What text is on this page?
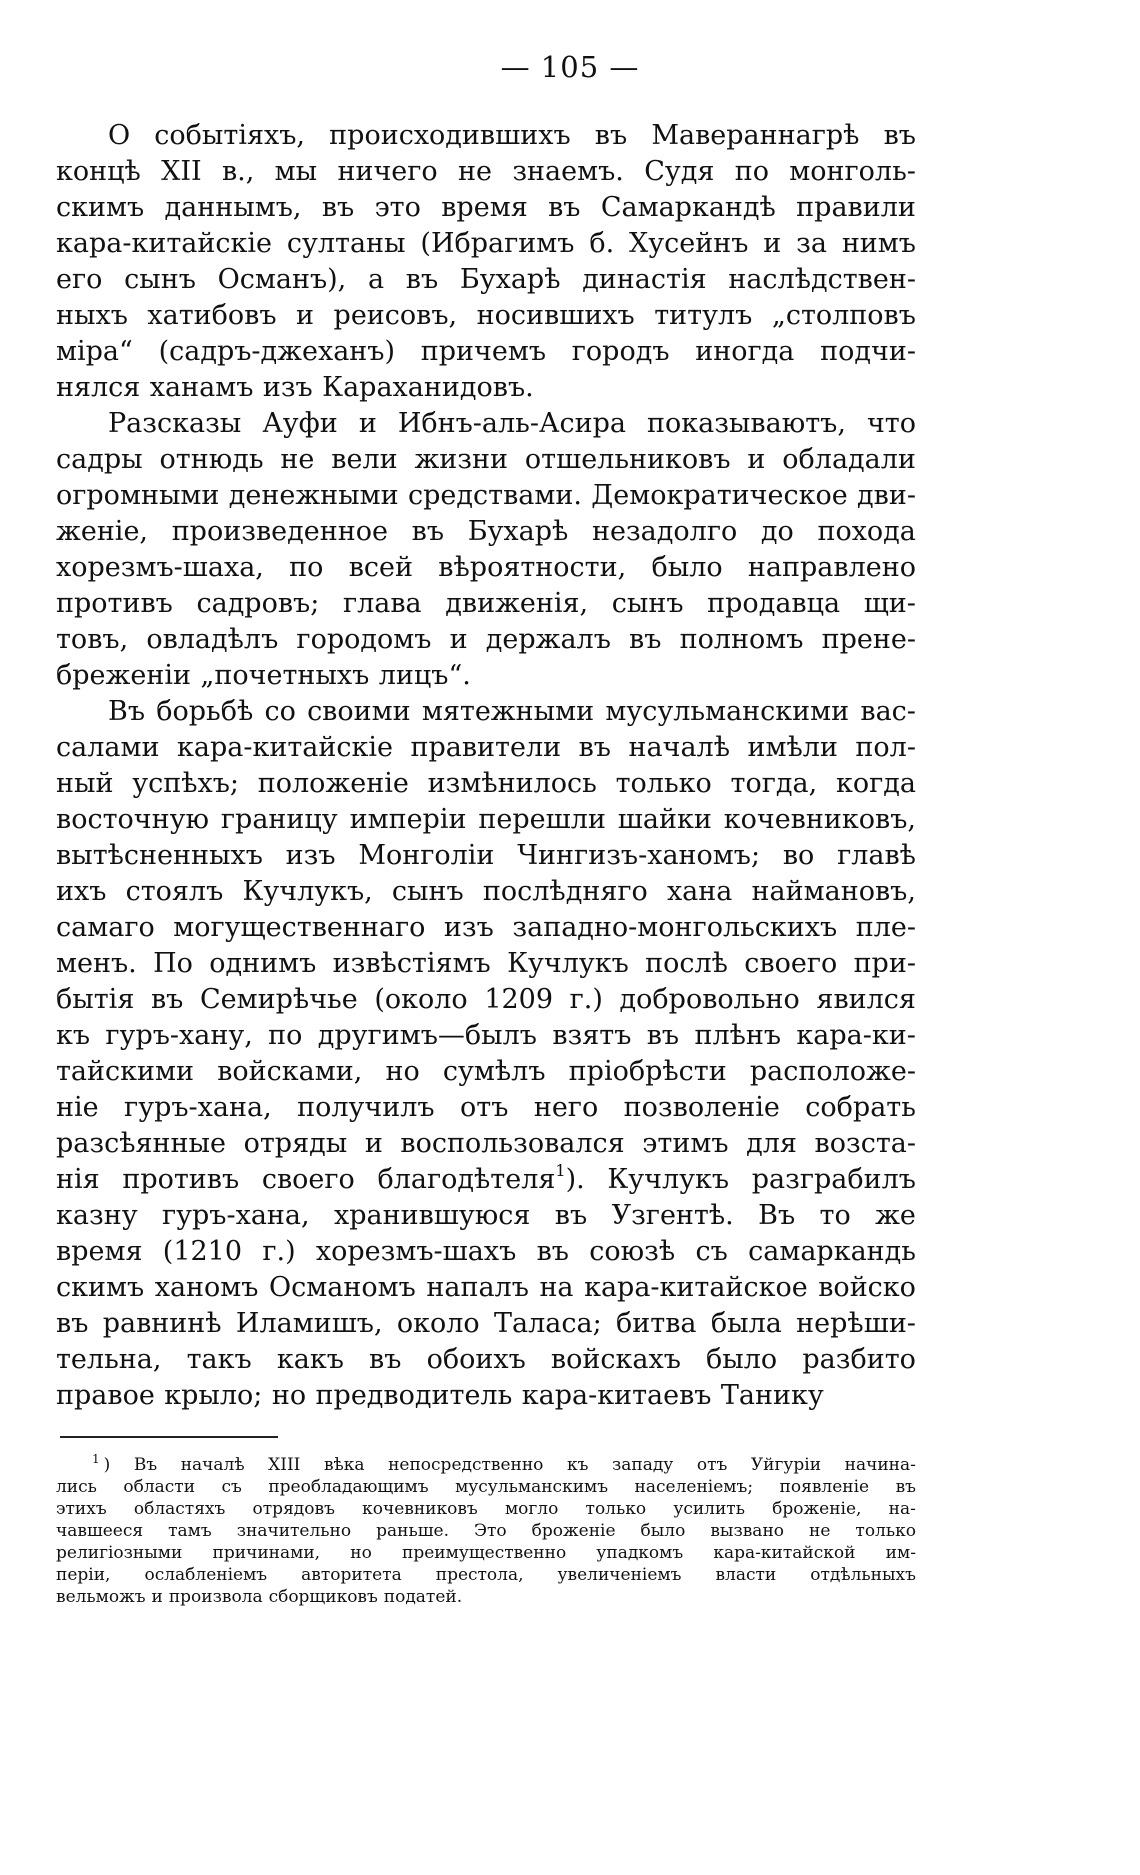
— 105 —
О событіяхъ, происходившихъ въ Мавераннагрѣ въ
концѣ XII в., мы ничего не знаемъ. Судя по монголь-
скимъ даннымъ, въ это время въ Самаркандѣ правили
кара-китайскіе султаны (Ибрагимъ б. Хусейнъ и за нимъ
его сынъ Османъ), а въ Бухарѣ династія наслѣдствен-
ныхъ хатибовъ и реисовъ, носившихъ титулъ „столповъ
міра“ (садръ-джеханъ) причемъ городъ иногда подчи-
нялся ханамъ изъ Караханидовъ.
Разсказы Ауфи и Ибнъ-аль-Асира показываютъ, что
садры отнюдь не вели жизни отшельниковъ и обладали
огромными денежными средствами. Демократическое дви-
женіе, произведенное въ Бухарѣ незадолго до похода
хорезмъ-шаха, по всей вѣроятности, было направлено
противъ садровъ; глава движенія, сынъ продавца щи-
товъ, овладѣлъ городомъ и держалъ въ полномъ прене-
бреженіи „почетныхъ лицъ“.
Въ борьбѣ со своими мятежными мусульманскими вас-
салами кара-китайскіе правители въ началѣ имѣли пол-
ный успѣхъ; положеніе измѣнилось только тогда, когда
восточную границу имперіи перешли шайки кочевниковъ,
вытѣсненныхъ изъ Монголіи Чингизъ-ханомъ; во главѣ
ихъ стоялъ Кучлукъ, сынъ послѣдняго хана наймановъ,
самаго могущественнаго изъ западно-монгольскихъ пле-
менъ. По однимъ извѣстіямъ Кучлукъ послѣ своего при-
бытія въ Семирѣчье (около 1209 г.) добровольно явился
къ гуръ-хану, по другимъ—былъ взятъ въ плѣнъ кара-ки-
тайскими войсками, но сумѣлъ пріобрѣсти расположе-
ніе гуръ-хана, получилъ отъ него позволеніе собрать
разсѣянные отряды и воспользовался этимъ для возста-
нія противъ своего благодѣтеля$^1$). Кучлукъ разграбилъ
казну гуръ-хана, хранившуюся въ Узгентѣ. Въ то же
время (1210 г.) хорезмъ-шахъ въ союзѣ съ самаркандь
скимъ ханомъ Османомъ напалъ на кара-китайское войско
въ равнинѣ Иламишъ, около Таласа; битва была нерѣши-
тельна, такъ какъ въ обоихъ войскахъ было разбито
правое крыло; но предводитель кара-китаевъ Танику
$^1$ ) Въ началѣ XIII вѣка непосредственно къ западу отъ Уйгуріи начина-
лись области съ преобладающимъ мусульманскимъ населеніемъ; появленіе въ
этихъ областяхъ отрядовъ кочевниковъ могло только усилить броженіе, на-
чавшееся тамъ значительно раньше. Это броженіе было вызвано не только
религіозными причинами, но преимущественно упадкомъ кара-китайской им-
періи, ослабленіемъ авторитета престола, увеличеніемъ власти отдѣльныхъ
вельможъ и произвола сборщиковъ податей.
